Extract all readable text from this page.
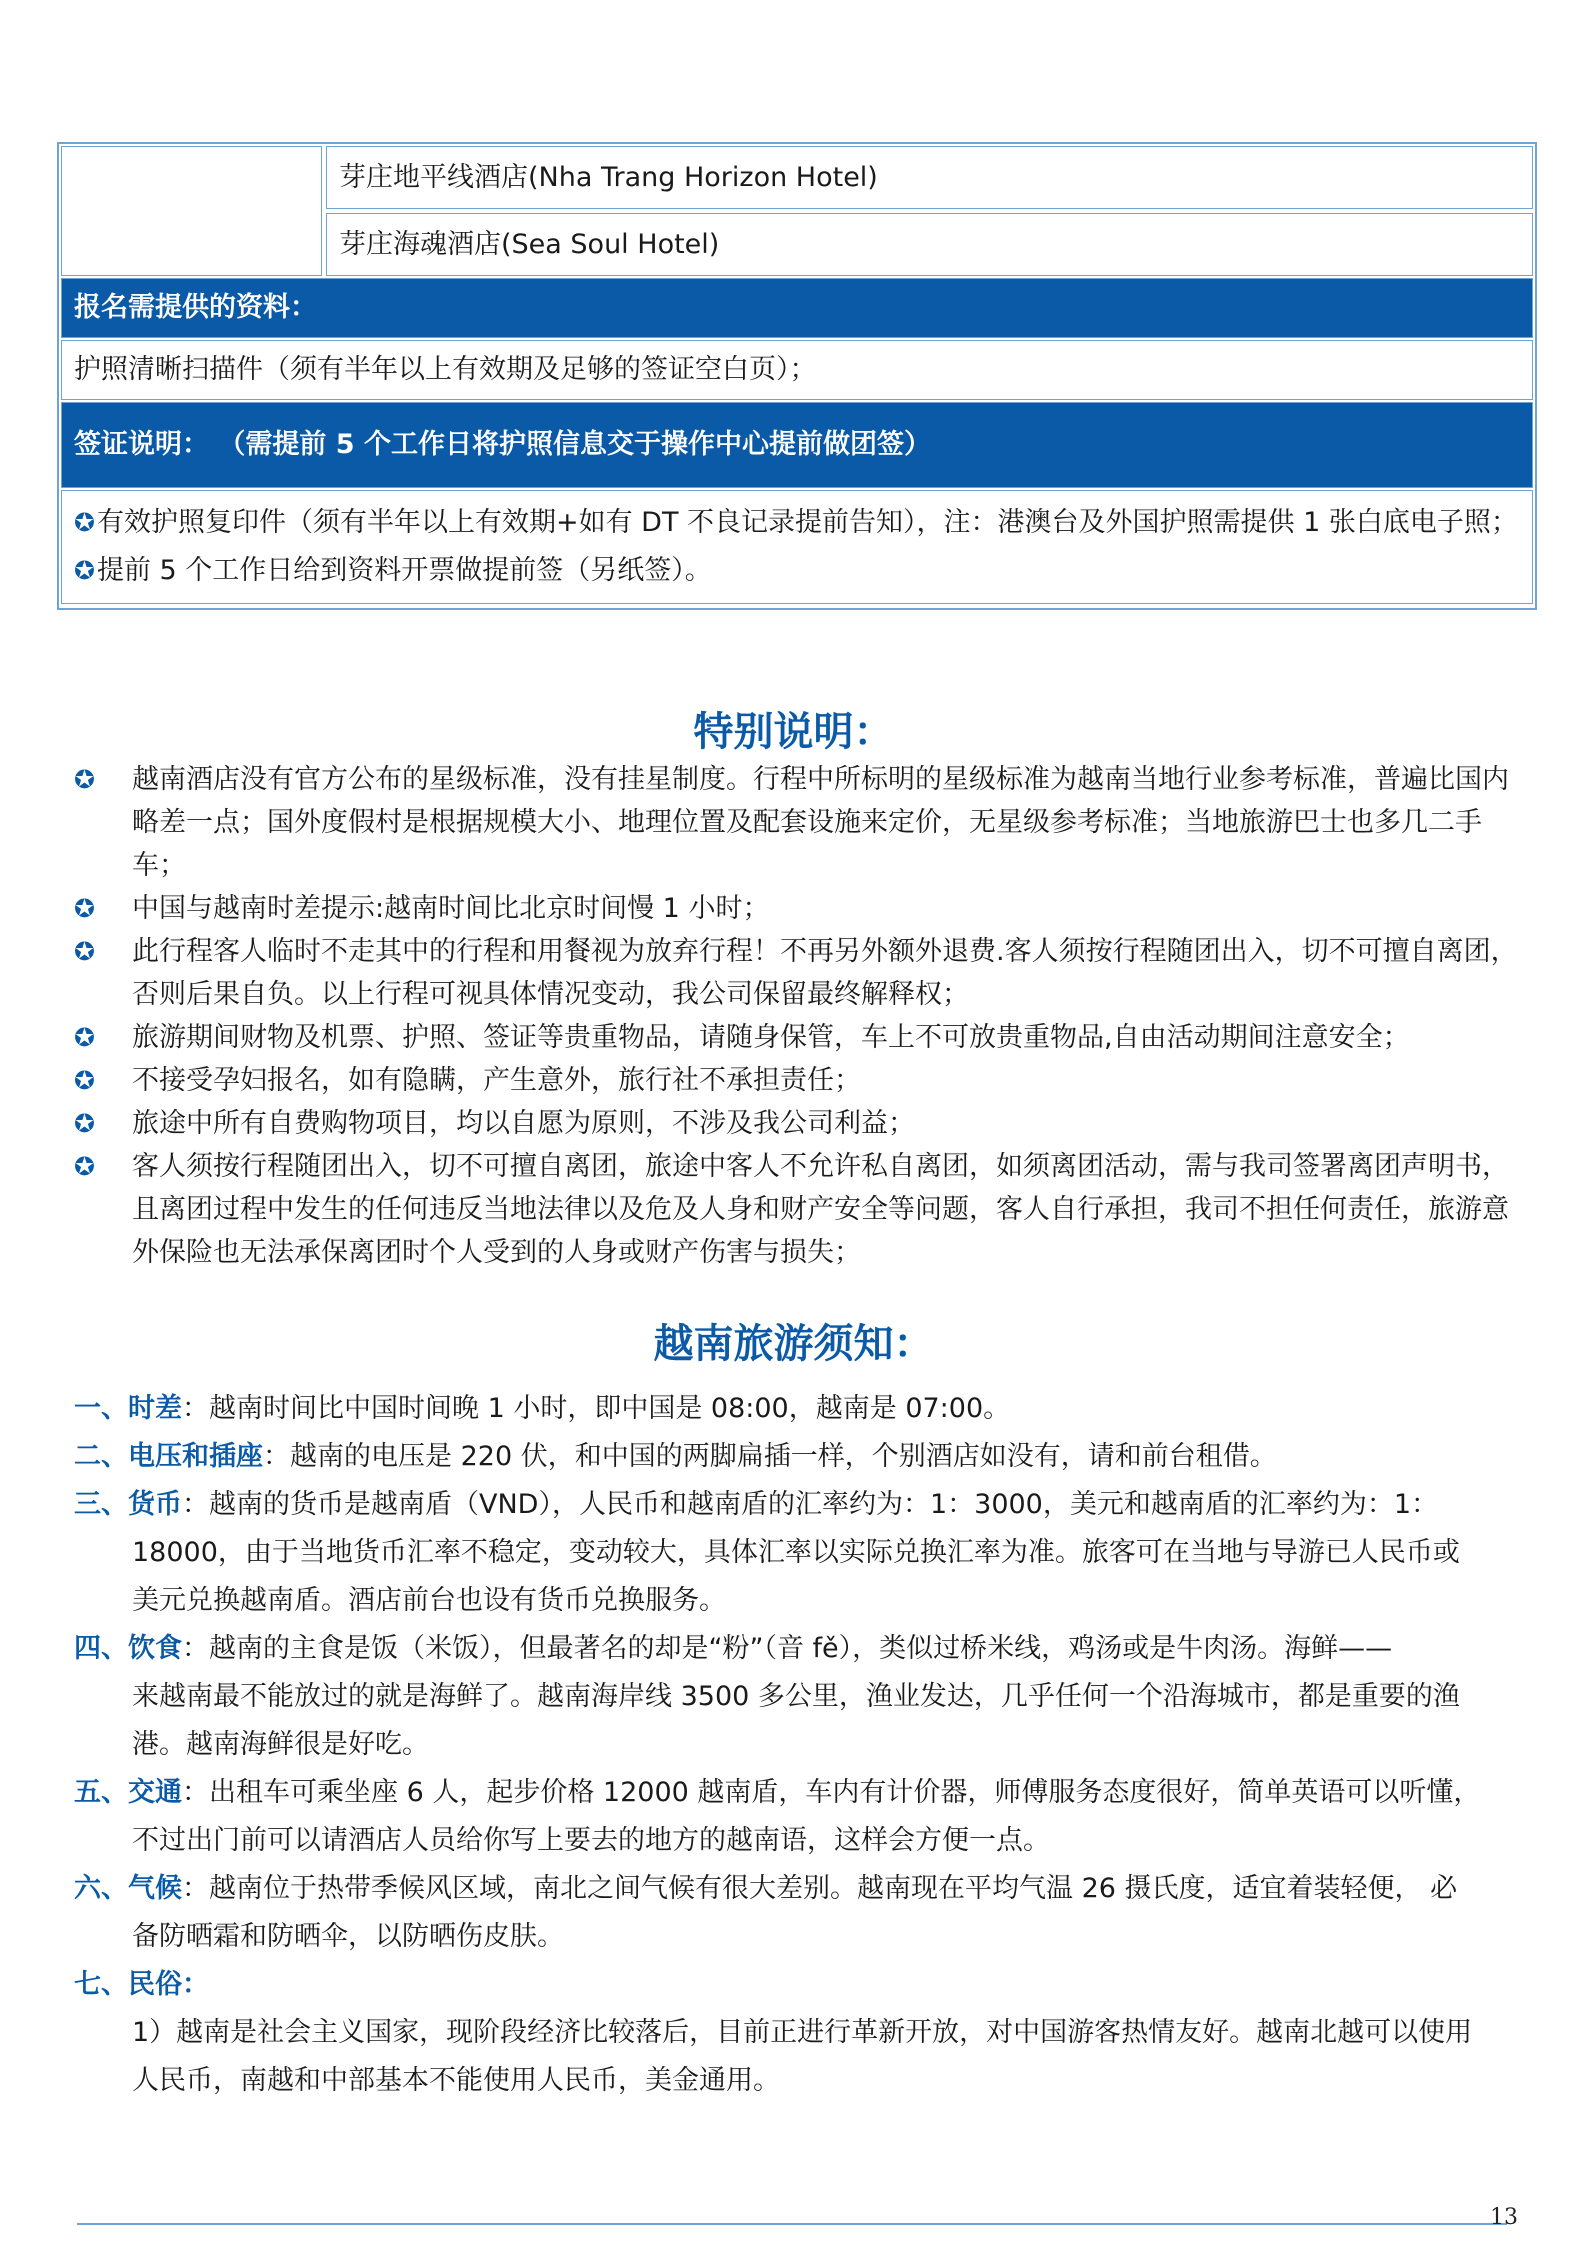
芽庄地平线酒店(Nha Trang Horizon Hotel)
芽庄海魂酒店(Sea Soul Hotel)
报名需提供的资料：
护照清晰扫描件（须有半年以上有效期及足够的签证空白页）；
签证说明： （需提前 5 个工作日将护照信息交于操作中心提前做团签）
✪有效护照复印件（须有半年以上有效期+如有 DT 不良记录提前告知），注：港澳台及外国护照需提供 1 张白底电子照；
✪提前 5 个工作日给到资料开票做提前签（另纸签）。
特别说明：
✪	越南酒店没有官方公布的星级标准，没有挂星制度。行程中所标明的星级标准为越南当地行业参考标准，普遍比国内略差一点；国外度假村是根据规模大小、地理位置及配套设施来定价，无星级参考标准；当地旅游巴士也多几二手车；
✪	中国与越南时差提示:越南时间比北京时间慢 1 小时；
✪	此行程客人临时不走其中的行程和用餐视为放弃行程！不再另外额外退费.客人须按行程随团出入，切不可擅自离团，否则后果自负。以上行程可视具体情况变动，我公司保留最终解释权；
✪	旅游期间财物及机票、护照、签证等贵重物品，请随身保管，车上不可放贵重物品,自由活动期间注意安全；
✪	不接受孕妇报名，如有隐瞒，产生意外，旅行社不承担责任；
✪	旅途中所有自费购物项目，均以自愿为原则，不涉及我公司利益；
✪	客人须按行程随团出入，切不可擅自离团，旅途中客人不允许私自离团，如须离团活动，需与我司签署离团声明书，且离团过程中发生的任何违反当地法律以及危及人身和财产安全等问题，客人自行承担，我司不担任何责任，旅游意外保险也无法承保离团时个人受到的人身或财产伤害与损失；
越南旅游须知：
一、时差：越南时间比中国时间晚 1 小时，即中国是 08:00，越南是 07:00。
二、电压和插座：越南的电压是 220 伏，和中国的两脚扁插一样，个别酒店如没有，请和前台租借。
三、货币：越南的货币是越南盾（VND），人民币和越南盾的汇率约为：1：3000，美元和越南盾的汇率约为：1：
18000，由于当地货币汇率不稳定，变动较大，具体汇率以实际兑换汇率为准。旅客可在当地与导游已人民币或
美元兑换越南盾。酒店前台也设有货币兑换服务。
四、饮食：越南的主食是饭（米饭），但最著名的却是“粉”（音 fě），类似过桥米线，鸡汤或是牛肉汤。海鲜——
来越南最不能放过的就是海鲜了。越南海岸线 3500 多公里，渔业发达，几乎任何一个沿海城市，都是重要的渔
港。越南海鲜很是好吃。
五、交通：出租车可乘坐座 6 人，起步价格 12000 越南盾，车内有计价器，师傅服务态度很好，简单英语可以听懂，
不过出门前可以请酒店人员给你写上要去的地方的越南语，这样会方便一点。
六、气候：越南位于热带季候风区域，南北之间气候有很大差别。越南现在平均气温 26 摄氏度，适宜着装轻便， 必
备防晒霜和防晒伞，以防晒伤皮肤。
七、民俗：
1）越南是社会主义国家，现阶段经济比较落后，目前正进行革新开放，对中国游客热情友好。越南北越可以使用
人民币，南越和中部基本不能使用人民币，美金通用。
13
